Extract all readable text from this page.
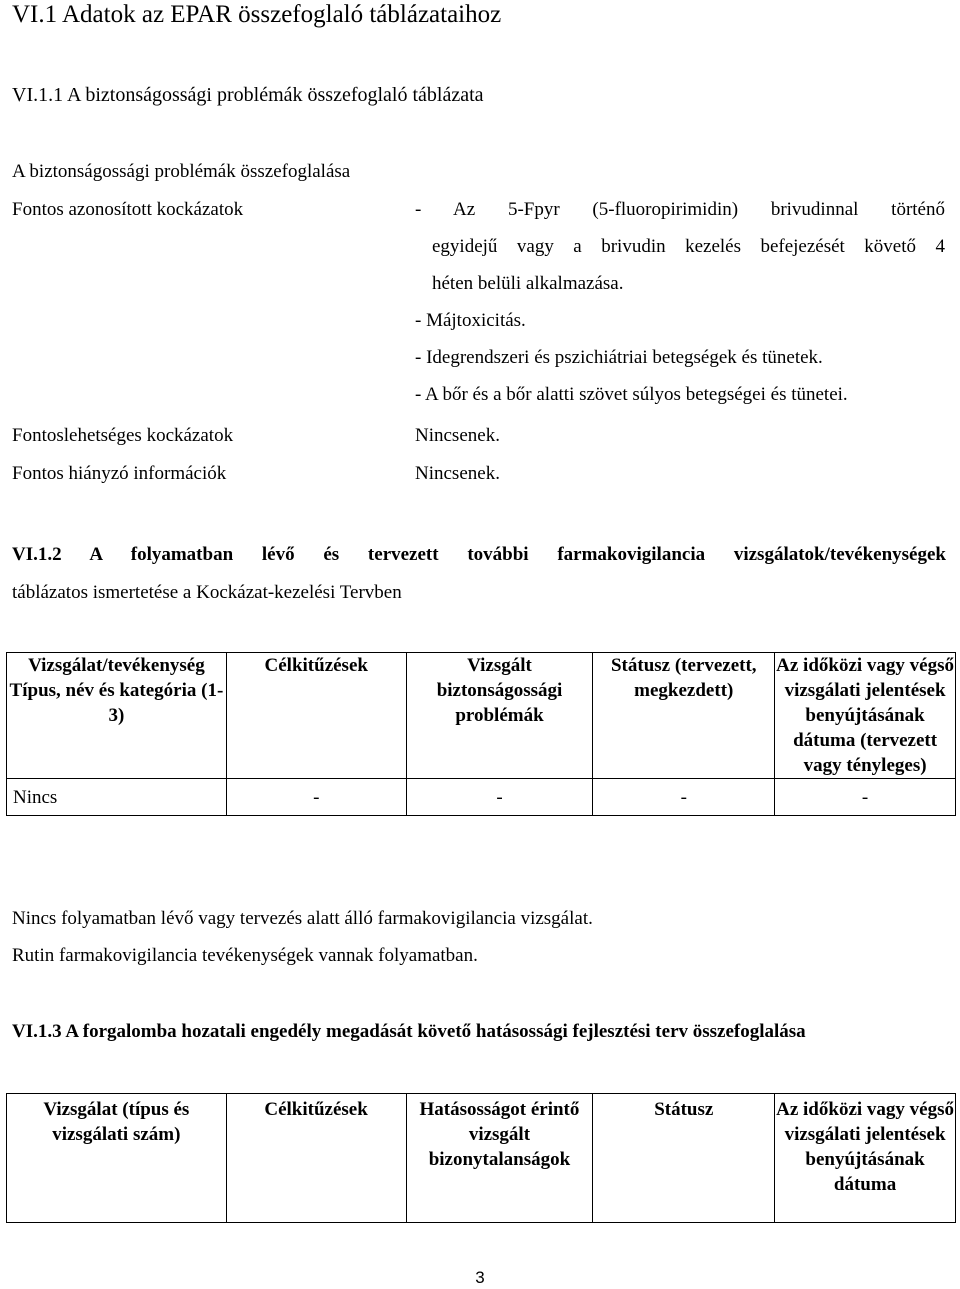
VI.1 Adatok az EPAR összefoglaló táblázataihoz
VI.1.1 A biztonságossági problémák összefoglaló táblázata
A biztonságossági problémák összefoglalása
Fontos azonosított kockázatok	- Az 5-Fpyr (5-fluoropirimidin) brivudinnal történő
egyidejű vagy a brivudin kezelés befejezését követő 4
héten belüli alkalmazása.
- Májtoxicitás.
- Idegrendszeri és pszichiátriai betegségek és tünetek.
- A bőr és a bőr alatti szövet súlyos betegségei és tünetei.
Fontoslehetséges kockázatok	Nincsenek.
Fontos hiányzó információk	Nincsenek.
VI.1.2 A folyamatban lévő és tervezett további farmakovigilancia vizsgálatok/tevékenységek
táblázatos ismertetése a Kockázat-kezelési Tervben
Vizsgálat/tevékenység Típus, név és kategória (1-3)	Célkitűzések	Vizsgált biztonságossági problémák	Státusz (tervezett, megkezdett)	Az időközi vagy végső vizsgálati jelentések benyújtásának dátuma (tervezett vagy tényleges)
Nincs	-	-	-	-
Nincs folyamatban lévő vagy tervezés alatt álló farmakovigilancia vizsgálat.
Rutin farmakovigilancia tevékenységek vannak folyamatban.
VI.1.3 A forgalomba hozatali engedély megadását követő hatásossági fejlesztési terv összefoglalása
Vizsgálat (típus és vizsgálati szám)	Célkitűzések	Hatásosságot érintő vizsgált bizonytalanságok	Státusz	Az időközi vagy végső vizsgálati jelentések benyújtásának dátuma
3
